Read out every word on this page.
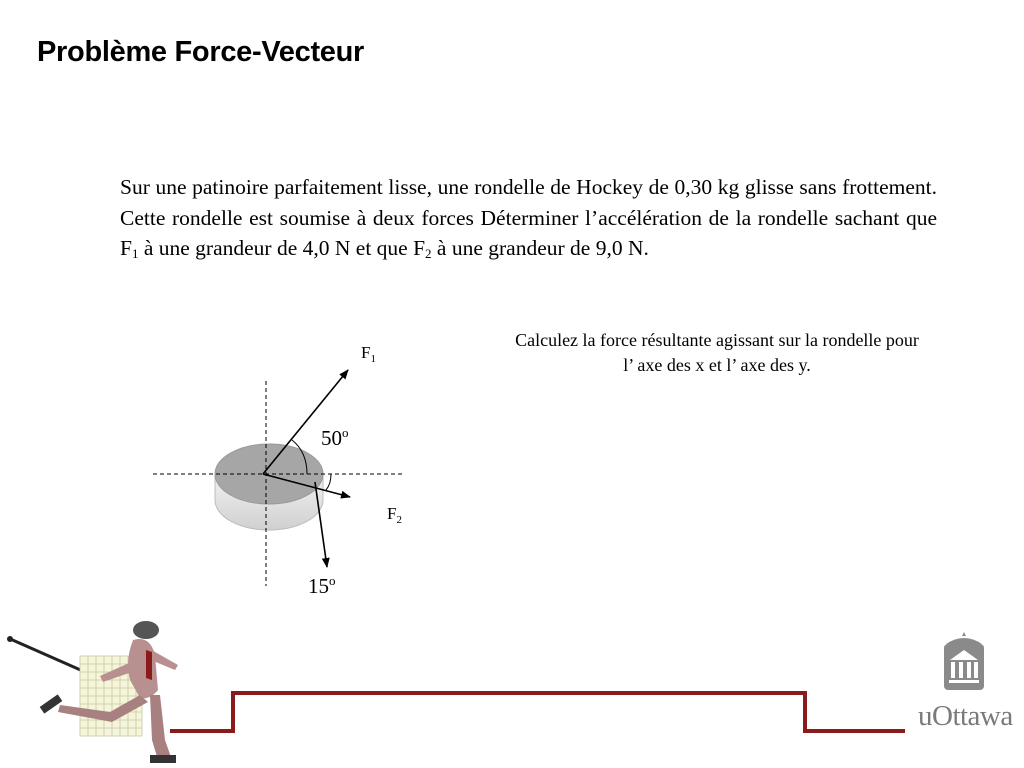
Problème Force-Vecteur

Sur une patinoire parfaitement lisse, une rondelle de Hockey de 0,30 kg glisse sans frottement. Cette rondelle est soumise à deux forces Déterminer l’accélération de la rondelle sachant que $F_1$ à une grandeur de 4,0 N et que $F_2$ à une grandeur de 9,0 N.

Calculez la force résultante agissant sur la rondelle pour l’ axe des x et l’ axe des y.

$F_1$
$F_2$
50$^o$
15$^o$
uOttawa
